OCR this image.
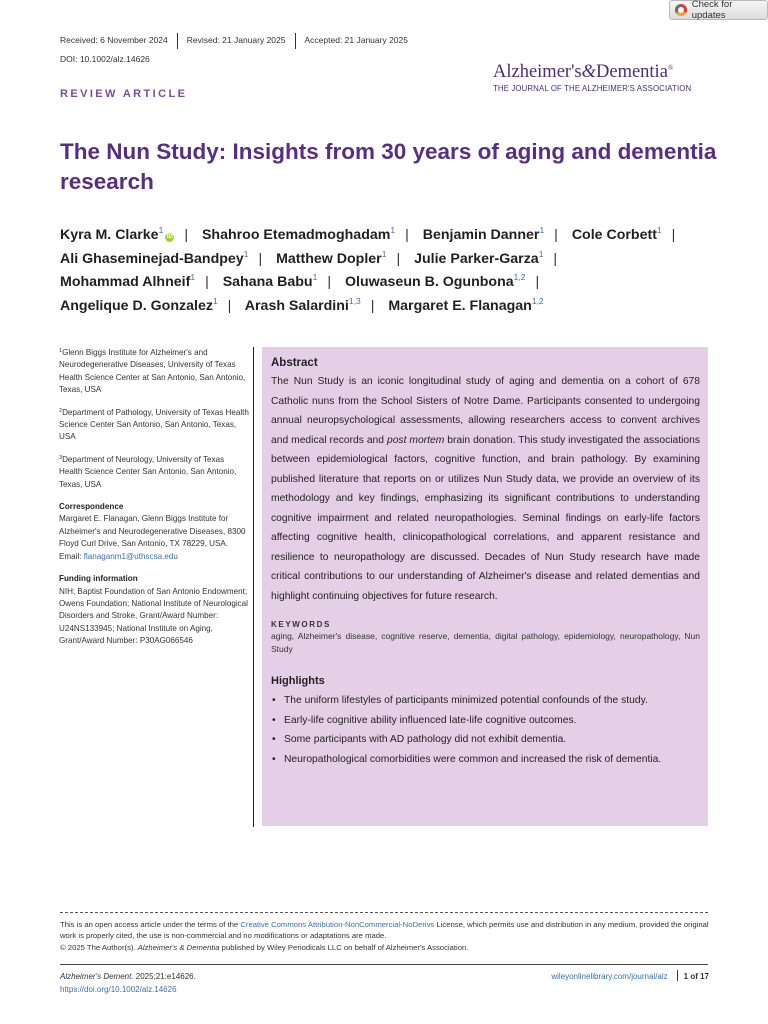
Check for updates
Received: 6 November 2024 Revised: 21 January 2025 Accepted: 21 January 2025
DOI: 10.1002/alz.14626
Alzheimer's&Dementia®
THE JOURNAL OF THE ALZHEIMER'S ASSOCIATION
REVIEW ARTICLE
The Nun Study: Insights from 30 years of aging and dementia research
Kyra M. Clarke$^1$iD | Shahroo Etemadmoghadam$^1$ | Benjamin Danner$^1$ | Cole Corbett$^1$ |
Ali Ghaseminejad-Bandpey$^1$ | Matthew Dopler$^1$ | Julie Parker-Garza$^1$ |
Mohammad Alhneif$^1$ | Sahana Babu$^1$ | Oluwaseun B. Ogunbona$^{1,2}$ |
Angelique D. Gonzalez$^1$ | Arash Salardini$^{1,3}$ | Margaret E. Flanagan$^{1,2}$

$^1$Glenn Biggs Institute for Alzheimer's and Neurodegenerative Diseases, University of Texas Health Science Center at San Antonio, San Antonio, Texas, USA

$^2$Department of Pathology, University of Texas Health Science Center San Antonio, San Antonio, Texas, USA

$^3$Department of Neurology, University of Texas Health Science Center San Antonio, San Antonio, Texas, USA

Correspondence

Margaret E. Flanagan, Glenn Biggs Institute for Alzheimer's and Neurodegenerative Diseases, 8300 Floyd Curl Drive, San Antonio, TX 78229, USA.

Email: flanaganm1@uthscsa.edu

Funding information

NIH; Baptist Foundation of San Antonio Endowment; Owens Foundation; National Institute of Neurological Disorders and Stroke, Grant/Award Number: U24NS133945; National Institute on Aging, Grant/Award Number: P30AG066546

Abstract
The Nun Study is an iconic longitudinal study of aging and dementia on a cohort of 678 Catholic nuns from the School Sisters of Notre Dame. Participants consented to undergoing annual neuropsychological assessments, allowing researchers access to convent archives and medical records and post mortem brain donation. This study investigated the associations between epidemiological factors, cognitive function, and brain pathology. By examining published literature that reports on or utilizes Nun Study data, we provide an overview of its methodology and key findings, emphasizing its significant contributions to understanding cognitive impairment and related neuropathologies. Seminal findings on early-life factors affecting cognitive health, clinicopathological correlations, and apparent resistance and resilience to neuropathology are discussed. Decades of Nun Study research have made critical contributions to our understanding of Alzheimer's disease and related dementias and highlight continuing objectives for future research.
KEYWORDS
aging, Alzheimer's disease, cognitive reserve, dementia, digital pathology, epidemiology, neuropathology, Nun Study
Highlights
• The uniform lifestyles of participants minimized potential confounds of the study.
• Early-life cognitive ability influenced late-life cognitive outcomes.
• Some participants with AD pathology did not exhibit dementia.
• Neuropathological comorbidities were common and increased the risk of dementia.
This is an open access article under the terms of the Creative Commons Attribution-NonCommercial-NoDerivs License, which permits use and distribution in any medium, provided the original work is properly cited, the use is non-commercial and no modifications or adaptations are made.
© 2025 The Author(s). Alzheimer's & Dementia published by Wiley Periodicals LLC on behalf of Alzheimer's Association.
Alzheimer's Dement. 2025;21:e14626.
https://doi.org/10.1002/alz.14626
wileyonlinelibrary.com/journal/alz 1 of 17
